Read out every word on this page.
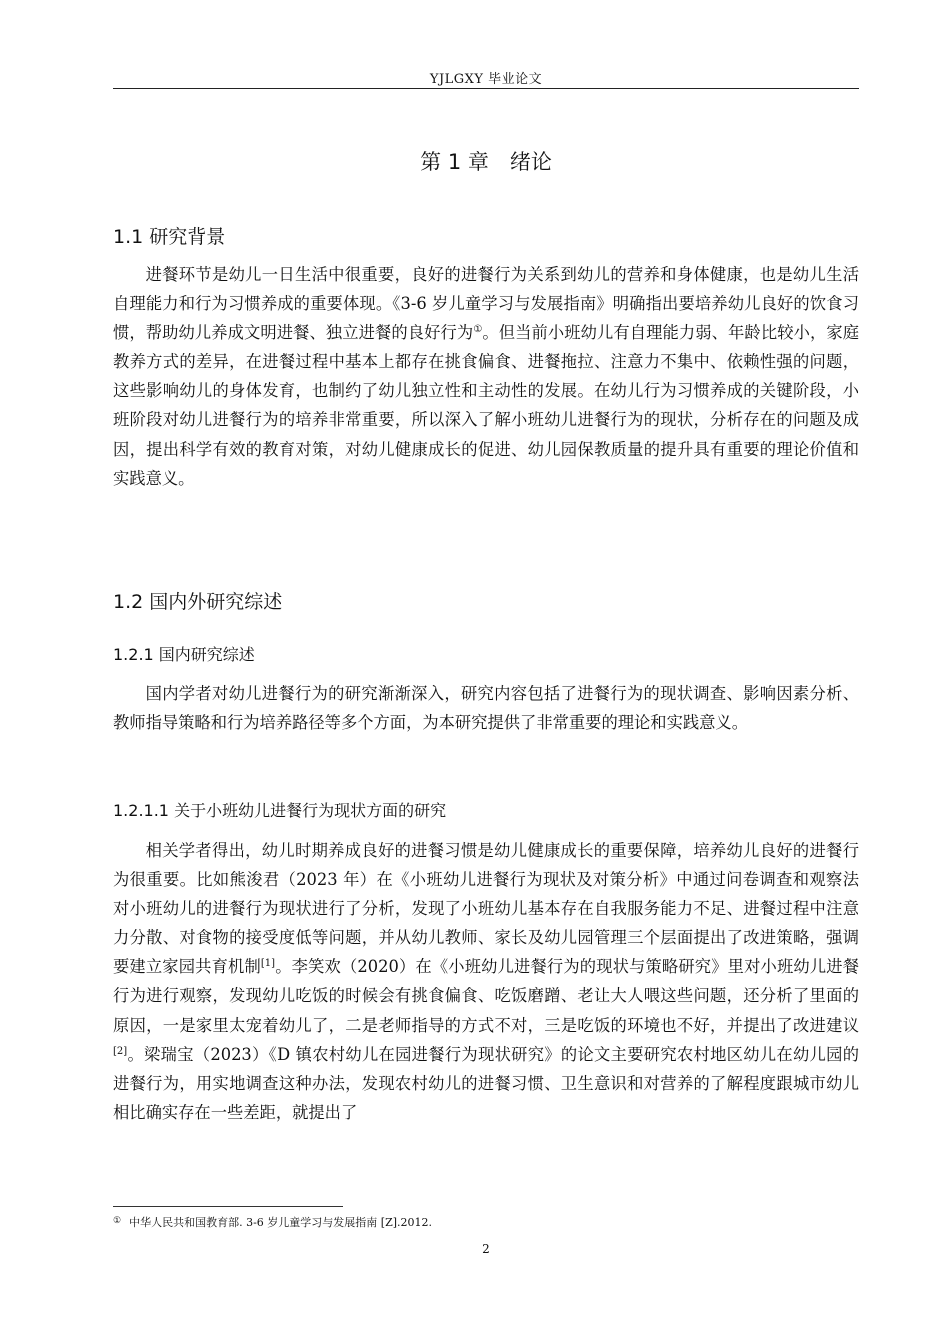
YJLGXY 毕业论文
第 1 章　绪论
1.1 研究背景

进餐环节是幼儿一日生活中很重要，良好的进餐行为关系到幼儿的营养和身体健康，也是幼儿生活自理能力和行为习惯养成的重要体现。《3-6 岁儿童学习与发展指南》明确指出要培养幼儿良好的饮食习惯，帮助幼儿养成文明进餐、独立进餐的良好行为①。但当前小班幼儿有自理能力弱、年龄比较小，家庭教养方式的差异，在进餐过程中基本上都存在挑食偏食、进餐拖拉、注意力不集中、依赖性强的问题，这些影响幼儿的身体发育，也制约了幼儿独立性和主动性的发展。在幼儿行为习惯养成的关键阶段，小班阶段对幼儿进餐行为的培养非常重要，所以深入了解小班幼儿进餐行为的现状，分析存在的问题及成因，提出科学有效的教育对策，对幼儿健康成长的促进、幼儿园保教质量的提升具有重要的理论价值和实践意义。

1.2 国内外研究综述
1.2.1 国内研究综述

国内学者对幼儿进餐行为的研究渐渐深入，研究内容包括了进餐行为的现状调查、影响因素分析、教师指导策略和行为培养路径等多个方面，为本研究提供了非常重要的理论和实践意义。

1.2.1.1 关于小班幼儿进餐行为现状方面的研究

相关学者得出，幼儿时期养成良好的进餐习惯是幼儿健康成长的重要保障，培养幼儿良好的进餐行为很重要。比如熊浚君（2023 年）在《小班幼儿进餐行为现状及对策分析》中通过问卷调查和观察法对小班幼儿的进餐行为现状进行了分析，发现了小班幼儿基本存在自我服务能力不足、进餐过程中注意力分散、对食物的接受度低等问题，并从幼儿教师、家长及幼儿园管理三个层面提出了改进策略，强调要建立家园共育机制[1]。李笑欢（2020）在《小班幼儿进餐行为的现状与策略研究》里对小班幼儿进餐行为进行观察，发现幼儿吃饭的时候会有挑食偏食、吃饭磨蹭、老让大人喂这些问题，还分析了里面的原因，一是家里太宠着幼儿了，二是老师指导的方式不对，三是吃饭的环境也不好，并提出了改进建议[2]。梁瑞宝（2023）《D 镇农村幼儿在园进餐行为现状研究》的论文主要研究农村地区幼儿在幼儿园的进餐行为，用实地调查这种办法，发现农村幼儿的进餐习惯、卫生意识和对营养的了解程度跟城市幼儿相比确实存在一些差距，就提出了

① 中华人民共和国教育部. 3-6 岁儿童学习与发展指南 [Z].2012.
2
